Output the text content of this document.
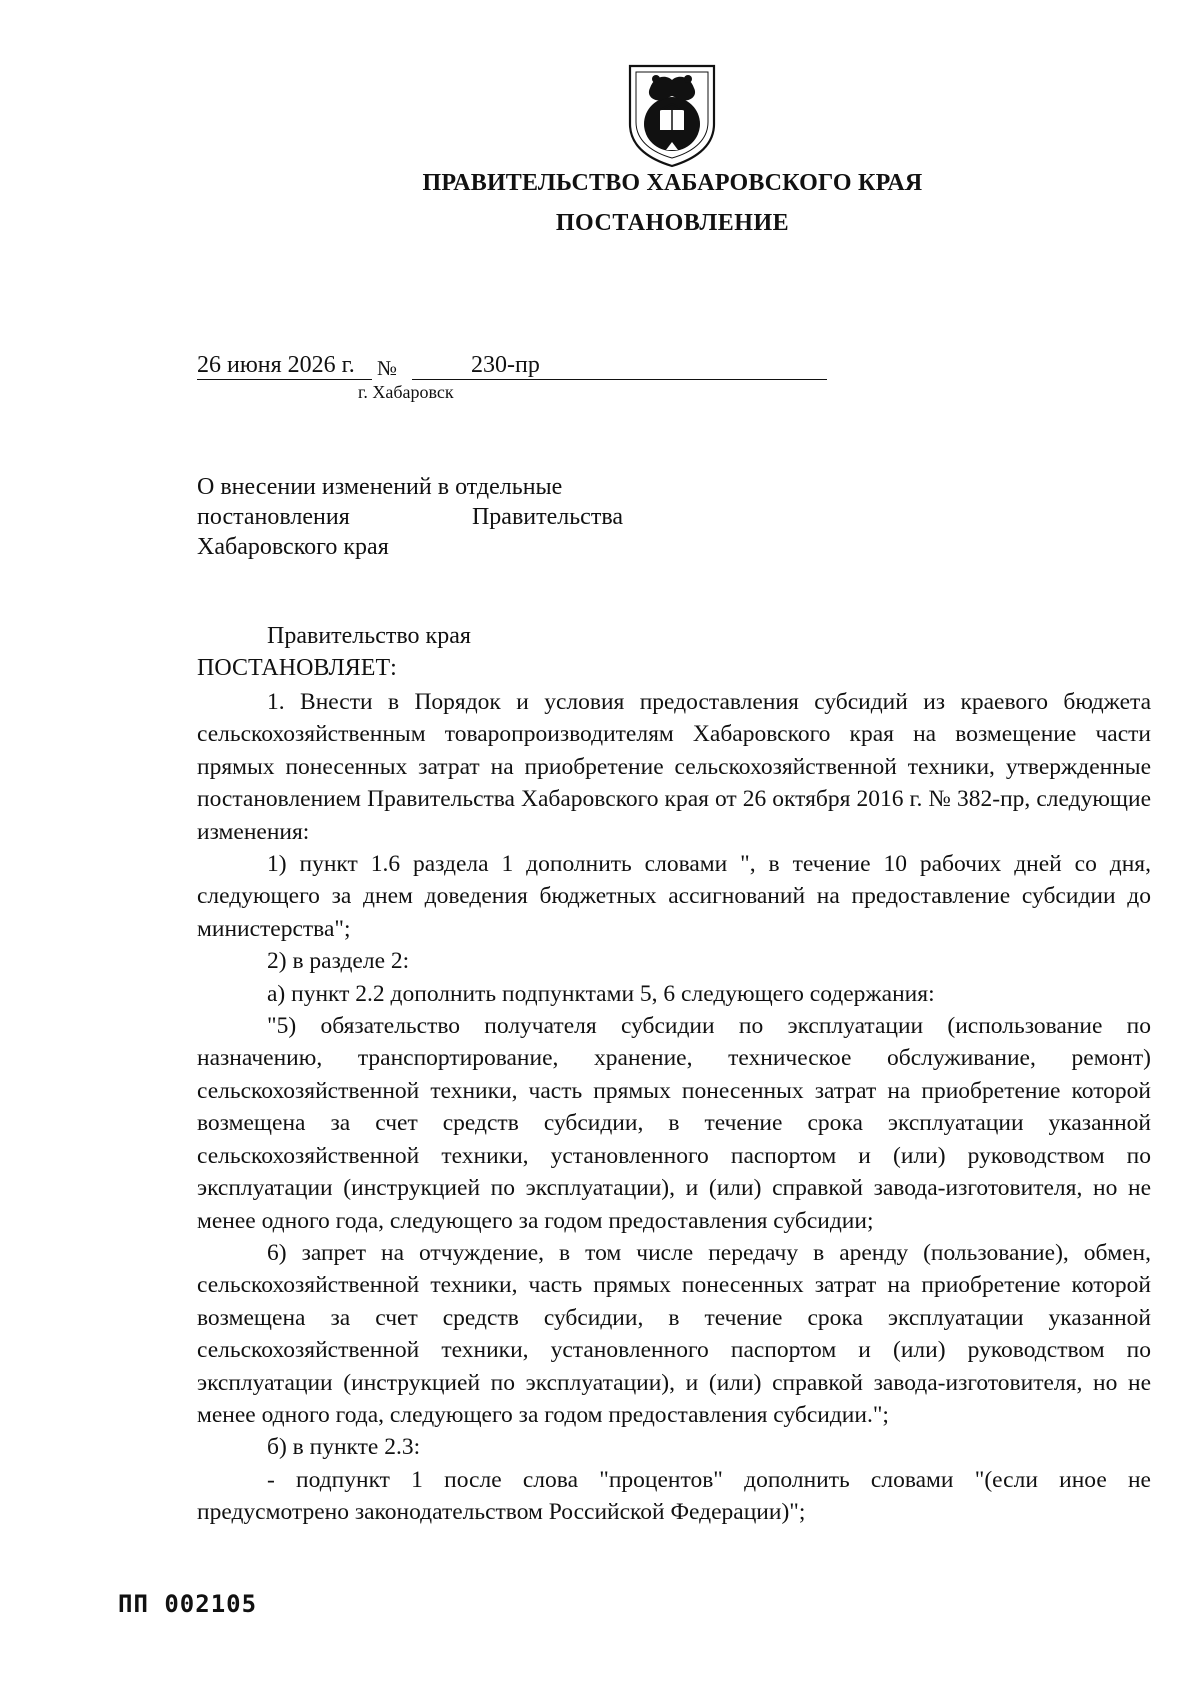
ПРАВИТЕЛЬСТВО ХАБАРОВСКОГО КРАЯ
ПОСТАНОВЛЕНИЕ
26 июня 2026 г. №	230-пр
г. Хабаровск
О внесении изменений в отдельные
постановления Правительства
Хабаровского края
Правительство края
ПОСТАНОВЛЯЕТ:

1. Внести в Порядок и условия предоставления субсидий из краевого бюджета сельскохозяйственным товаропроизводителям Хабаровского края на возмещение части прямых понесенных затрат на приобретение сельскохозяйственной техники, утвержденные постановлением Правительства Хабаровского края от 26 октября 2016 г. № 382-пр, следующие изменения:

1) пункт 1.6 раздела 1 дополнить словами ", в течение 10 рабочих дней со дня, следующего за днем доведения бюджетных ассигнований на предоставление субсидии до министерства";

2) в разделе 2:

а) пункт 2.2 дополнить подпунктами 5, 6 следующего содержания:

"5) обязательство получателя субсидии по эксплуатации (использование по назначению, транспортирование, хранение, техническое обслуживание, ремонт) сельскохозяйственной техники, часть прямых понесенных затрат на приобретение которой возмещена за счет средств субсидии, в течение срока эксплуатации указанной сельскохозяйственной техники, установленного паспортом и (или) руководством по эксплуатации (инструкцией по эксплуатации), и (или) справкой завода-изготовителя, но не менее одного года, следующего за годом предоставления субсидии;

6) запрет на отчуждение, в том числе передачу в аренду (пользование), обмен, сельскохозяйственной техники, часть прямых понесенных затрат на приобретение которой возмещена за счет средств субсидии, в течение срока эксплуатации указанной сельскохозяйственной техники, установленного паспортом и (или) руководством по эксплуатации (инструкцией по эксплуатации), и (или) справкой завода-изготовителя, но не менее одного года, следующего за годом предоставления субсидии.";

б) в пункте 2.3:

- подпункт 1 после слова "процентов" дополнить словами "(если иное не предусмотрено законодательством Российской Федерации)";

ПП 002105
